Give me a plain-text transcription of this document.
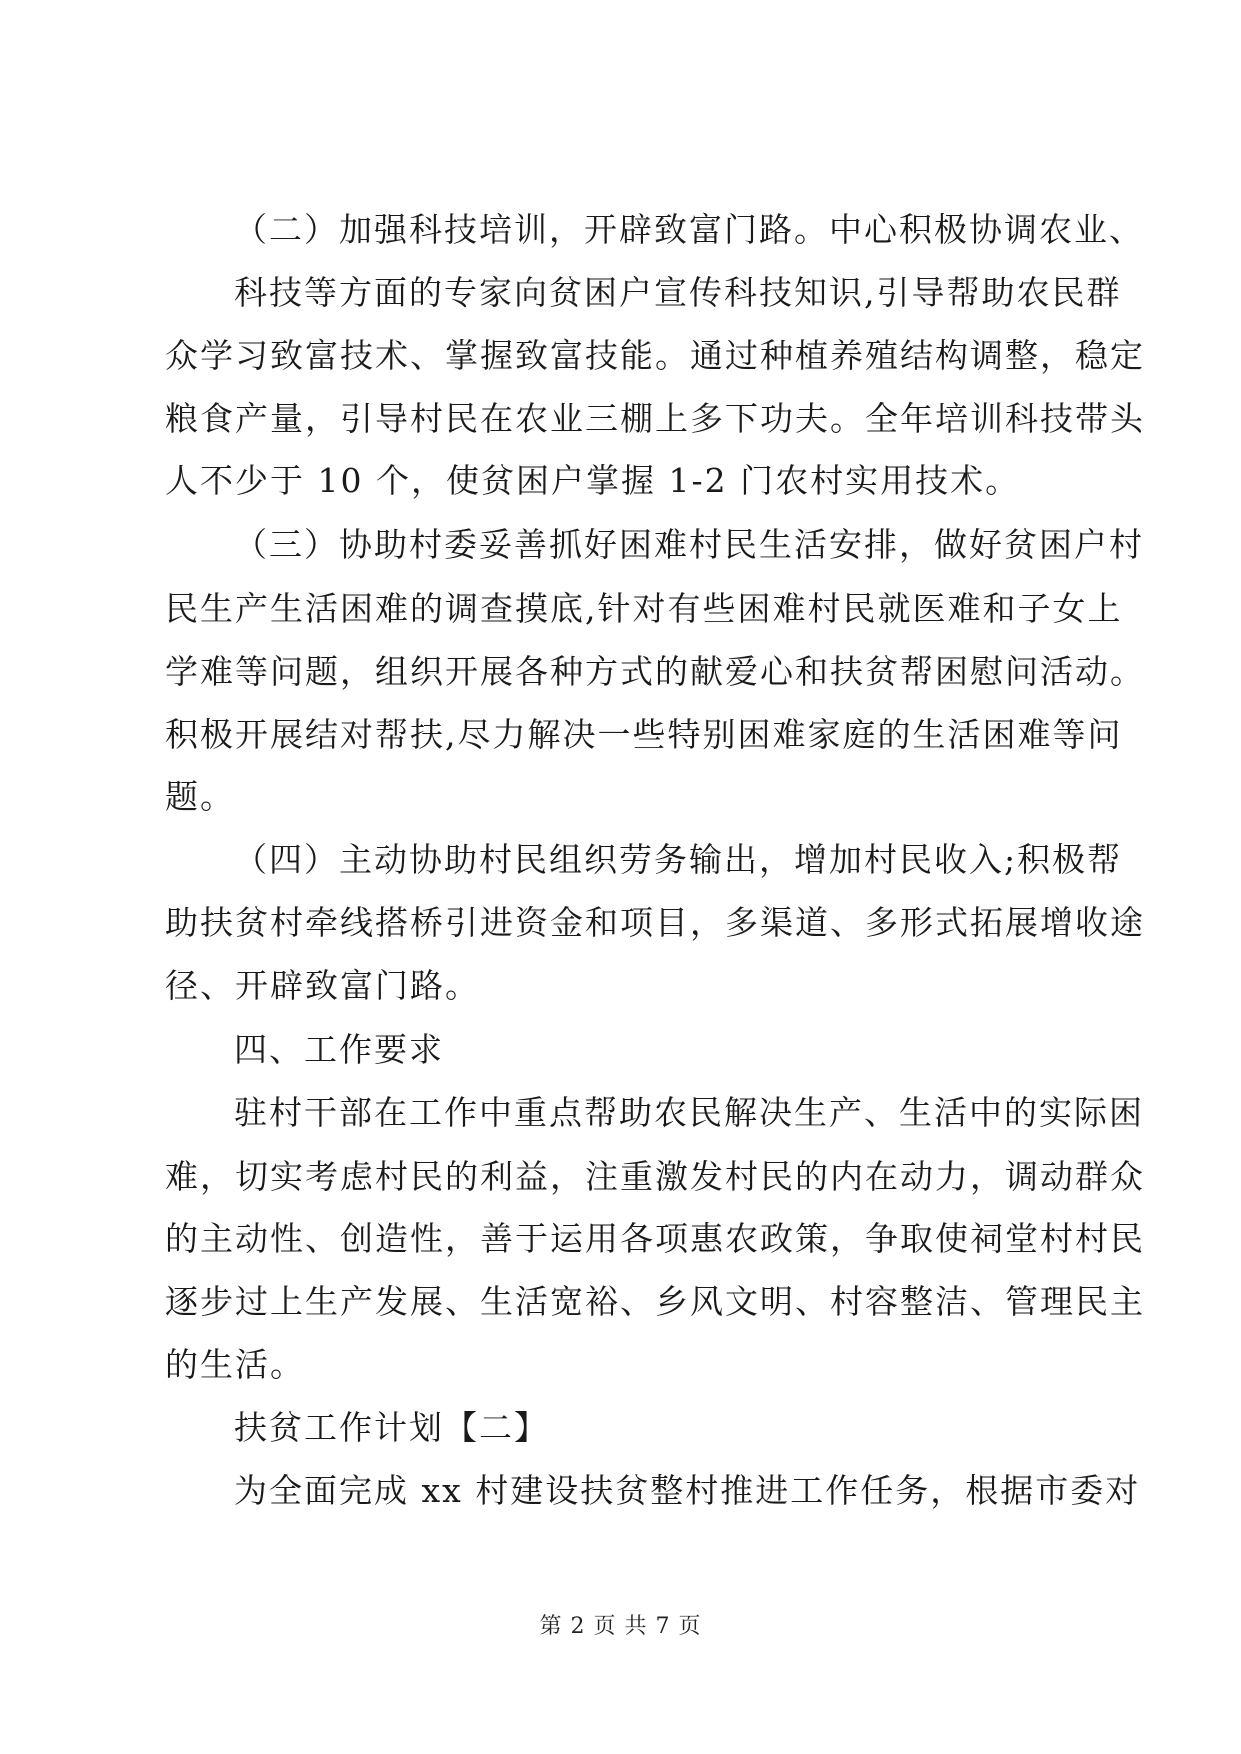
（二）加强科技培训，开辟致富门路。中心积极协调农业、
科技等方面的专家向贫困户宣传科技知识,引导帮助农民群
众学习致富技术、掌握致富技能。通过种植养殖结构调整，稳定
粮食产量，引导村民在农业三棚上多下功夫。全年培训科技带头
人不少于 10 个，使贫困户掌握 1-2 门农村实用技术。
（三）协助村委妥善抓好困难村民生活安排，做好贫困户村
民生产生活困难的调查摸底,针对有些困难村民就医难和子女上
学难等问题，组织开展各种方式的献爱心和扶贫帮困慰问活动。
积极开展结对帮扶,尽力解决一些特别困难家庭的生活困难等问
题。
（四）主动协助村民组织劳务输出，增加村民收入;积极帮
助扶贫村牵线搭桥引进资金和项目，多渠道、多形式拓展增收途
径、开辟致富门路。
四、工作要求
驻村干部在工作中重点帮助农民解决生产、生活中的实际困
难，切实考虑村民的利益，注重激发村民的内在动力，调动群众
的主动性、创造性，善于运用各项惠农政策，争取使祠堂村村民
逐步过上生产发展、生活宽裕、乡风文明、村容整洁、管理民主
的生活。
扶贫工作计划【二】
为全面完成 xx 村建设扶贫整村推进工作任务，根据市委对
第 2 页 共 7 页
